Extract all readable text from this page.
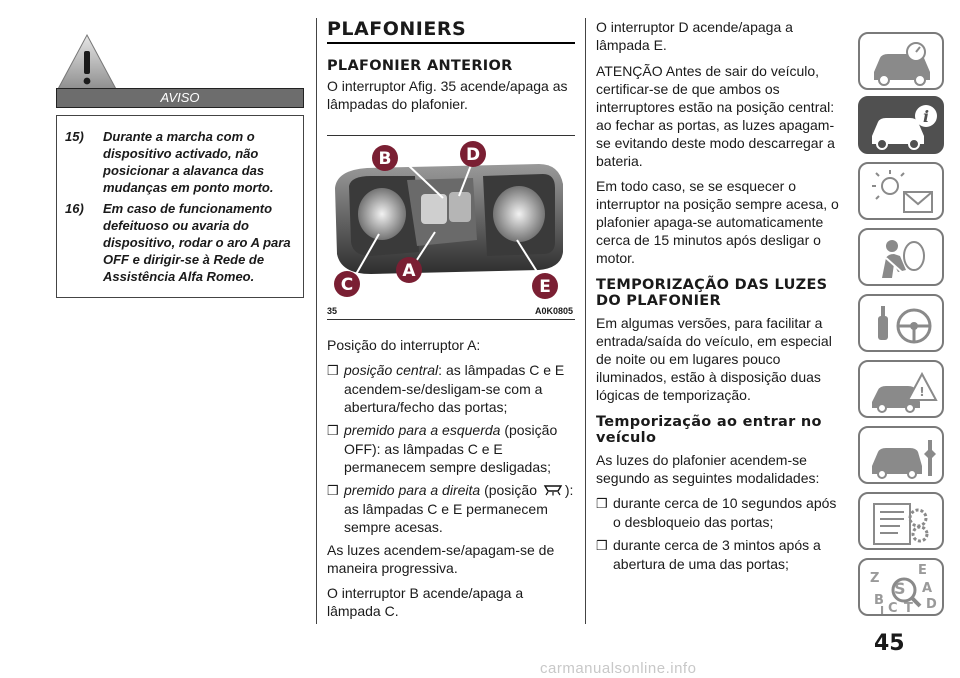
AVISO
15) Durante a marcha com o dispositivo activado, não posicionar a alavanca das mudanças em ponto morto.
16) Em caso de funcionamento defeituoso ou avaria do dispositivo, rodar o aro A para OFF e dirigir-se à Rede de Assistência Alfa Romeo.
PLAFONIERS
PLAFONIER ANTERIOR

O interruptor Afig. 35 acende/apaga as lâmpadas do plafonier.

B	D
C
A
E
35	A0K0805

Posição do interruptor A:

❒ posição central: as lâmpadas C e E acendem-se/desligam-se com a abertura/fecho das portas;
❒ premido para a esquerda (posição OFF): as lâmpadas C e E permanecem sempre desligadas;
❒ premido para a direita (posição ): as lâmpadas C e E permanecem sempre acesas.

As luzes acendem-se/apagam-se de maneira progressiva.

O interruptor B acende/apaga a lâmpada C.

O interruptor D acende/apaga a lâmpada E.

ATENÇÃO Antes de sair do veículo, certificar-se de que ambos os interruptores estão na posição central: ao fechar as portas, as luzes apagam-se evitando deste modo descarregar a bateria.

Em todo caso, se se esquecer o interruptor na posição sempre acesa, o plafonier apaga-se automaticamente cerca de 15 minutos após desligar o motor.

TEMPORIZAÇÃO DAS LUZES DO PLAFONIER

Em algumas versões, para facilitar a entrada/saída do veículo, em especial de noite ou em lugares pouco iluminados, estão à disposição duas lógicas de temporização.

Temporização ao entrar no veículo

As luzes do plafonier acendem-se segundo as seguintes modalidades:

❒ durante cerca de 10 segundos após o desbloqueio das portas;
❒ durante cerca de 3 mintos após a abertura de uma das portas;
i
!
Z
E
S A
B
C T D
I
45
carmanualsonline.info
